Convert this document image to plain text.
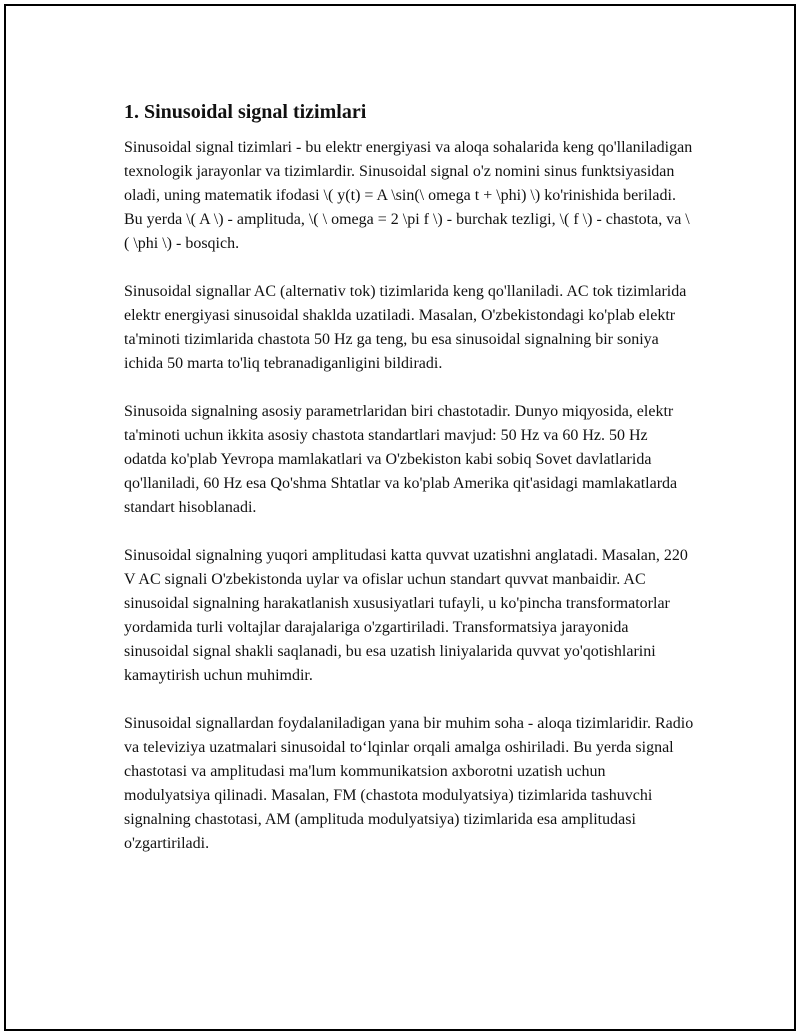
1. Sinusoidal signal tizimlari

Sinusoidal signal tizimlari - bu elektr energiyasi va aloqa sohalarida keng qo'llaniladigan texnologik jarayonlar va tizimlardir. Sinusoidal signal o'z nomini sinus funktsiyasidan oladi, uning matematik ifodasi \( y(t) = A \sin(\ omega t + \phi) \) ko'rinishida beriladi. Bu yerda \( A \) - amplituda, \( \ omega = 2 \pi f \) - burchak tezligi, \( f \) - chastota, va \( \phi \) - bosqich.

Sinusoidal signallar AC (alternativ tok) tizimlarida keng qo'llaniladi. AC tok tizimlarida elektr energiyasi sinusoidal shaklda uzatiladi. Masalan, O'zbekistondagi ko'plab elektr ta'minoti tizimlarida chastota 50 Hz ga teng, bu esa sinusoidal signalning bir soniya ichida 50 marta to'liq tebranadiganligini bildiradi.

Sinusoida signalning asosiy parametrlaridan biri chastotadir. Dunyo miqyosida, elektr ta'minoti uchun ikkita asosiy chastota standartlari mavjud: 50 Hz va 60 Hz. 50 Hz odatda ko'plab Yevropa mamlakatlari va O'zbekiston kabi sobiq Sovet davlatlarida qo'llaniladi, 60 Hz esa Qo'shma Shtatlar va ko'plab Amerika qit'asidagi mamlakatlarda standart hisoblanadi.

Sinusoidal signalning yuqori amplitudasi katta quvvat uzatishni anglatadi. Masalan, 220 V AC signali O'zbekistonda uylar va ofislar uchun standart quvvat manbaidir. AC sinusoidal signalning harakatlanish xususiyatlari tufayli, u ko'pincha transformatorlar yordamida turli voltajlar darajalariga o'zgartiriladi. Transformatsiya jarayonida sinusoidal signal shakli saqlanadi, bu esa uzatish liniyalarida quvvat yo'qotishlarini kamaytirish uchun muhimdir.

Sinusoidal signallardan foydalaniladigan yana bir muhim soha - aloqa tizimlaridir. Radio va televiziya uzatmalari sinusoidal to‘lqinlar orqali amalga oshiriladi. Bu yerda signal chastotasi va amplitudasi ma'lum kommunikatsion axborotni uzatish uchun modulyatsiya qilinadi. Masalan, FM (chastota modulyatsiya) tizimlarida tashuvchi signalning chastotasi, AM (amplituda modulyatsiya) tizimlarida esa amplitudasi o'zgartiriladi.
